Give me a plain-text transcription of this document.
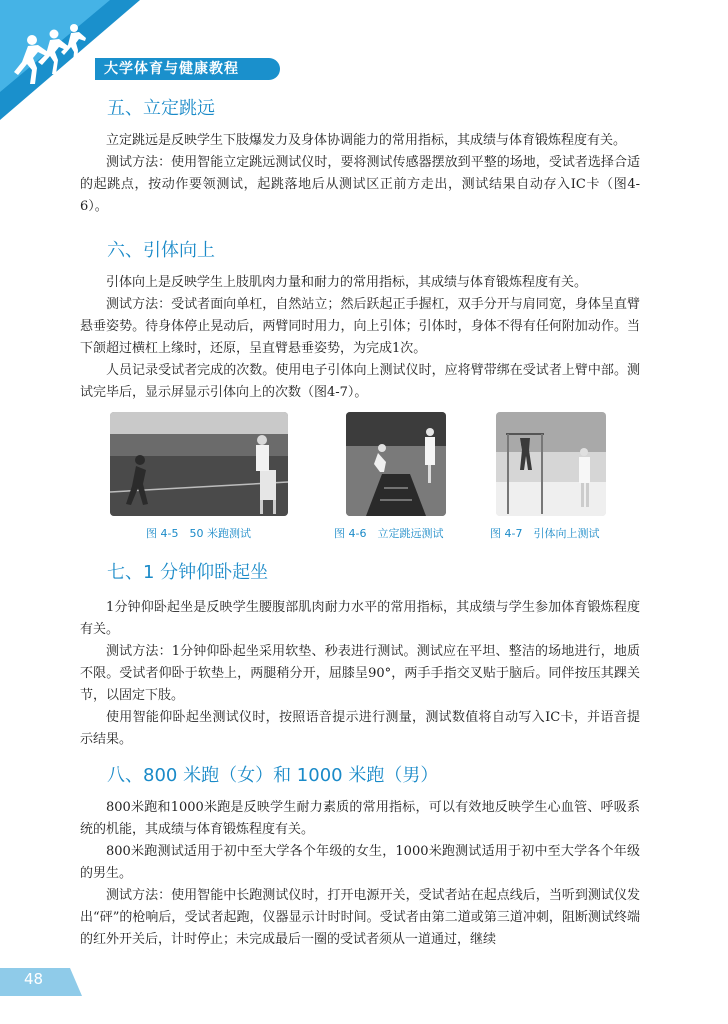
大学体育与健康教程
五、立定跳远

立定跳远是反映学生下肢爆发力及身体协调能力的常用指标，其成绩与体育锻炼程度有关。

测试方法：使用智能立定跳远测试仪时，要将测试传感器摆放到平整的场地，受试者选择合适的起跳点，按动作要领测试，起跳落地后从测试区正前方走出，测试结果自动存入IC卡（图4-6）。

六、引体向上

引体向上是反映学生上肢肌肉力量和耐力的常用指标，其成绩与体育锻炼程度有关。

测试方法：受试者面向单杠，自然站立；然后跃起正手握杠，双手分开与肩同宽，身体呈直臂悬垂姿势。待身体停止晃动后，两臂同时用力，向上引体；引体时，身体不得有任何附加动作。当下颌超过横杠上缘时，还原，呈直臂悬垂姿势，为完成1次。

人员记录受试者完成的次数。使用电子引体向上测试仪时，应将臂带绑在受试者上臂中部。测试完毕后，显示屏显示引体向上的次数（图4-7）。

图 4-5　50 米跑测试	图 4-6　立定跳远测试	图 4-7　引体向上测试
七、1 分钟仰卧起坐

1分钟仰卧起坐是反映学生腰腹部肌肉耐力水平的常用指标，其成绩与学生参加体育锻炼程度有关。

测试方法：1分钟仰卧起坐采用软垫、秒表进行测试。测试应在平坦、整洁的场地进行，地质不限。受试者仰卧于软垫上，两腿稍分开，屈膝呈90°，两手手指交叉贴于脑后。同伴按压其踝关节，以固定下肢。

使用智能仰卧起坐测试仪时，按照语音提示进行测量，测试数值将自动写入IC卡，并语音提示结果。

八、800 米跑（女）和 1000 米跑（男）

800米跑和1000米跑是反映学生耐力素质的常用指标，可以有效地反映学生心血管、呼吸系统的机能，其成绩与体育锻炼程度有关。

800米跑测试适用于初中至大学各个年级的女生，1000米跑测试适用于初中至大学各个年级的男生。

测试方法：使用智能中长跑测试仪时，打开电源开关，受试者站在起点线后，当听到测试仪发出“砰”的枪响后，受试者起跑，仪器显示计时时间。受试者由第二道或第三道冲刺，阻断测试终端的红外开关后，计时停止；未完成最后一圈的受试者须从一道通过，继续

48
